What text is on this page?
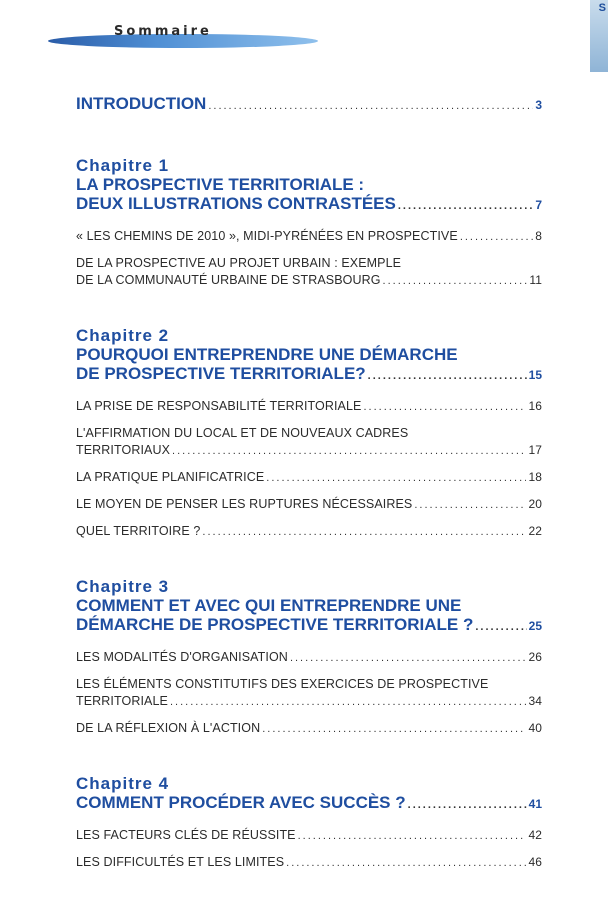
S
Sommaire
INTRODUCTION .....	3
Chapitre 1
LA PROSPECTIVE TERRITORIALE :
DEUX ILLUSTRATIONS CONTRASTÉES .....	7
« LES CHEMINS DE 2010 », MIDI-PYRÉNÉES EN PROSPECTIVE .....	8
DE LA PROSPECTIVE AU PROJET URBAIN : EXEMPLE
DE LA COMMUNAUTÉ URBAINE DE STRASBOURG .....	11
Chapitre 2
POURQUOI ENTREPRENDRE UNE DÉMARCHE
DE PROSPECTIVE TERRITORIALE? .....	15
LA PRISE DE RESPONSABILITÉ TERRITORIALE .....	16
L'AFFIRMATION DU LOCAL ET DE NOUVEAUX CADRES
TERRITORIAUX .....	17
LA PRATIQUE PLANIFICATRICE .....	18
LE MOYEN DE PENSER LES RUPTURES NÉCESSAIRES .....	20
QUEL TERRITOIRE ? .....	22
Chapitre 3
COMMENT ET AVEC QUI ENTREPRENDRE UNE
DÉMARCHE DE PROSPECTIVE TERRITORIALE ? .....	25
LES MODALITÉS D'ORGANISATION .....	26
LES ÉLÉMENTS CONSTITUTIFS DES EXERCICES DE PROSPECTIVE
TERRITORIALE .....	34
DE LA RÉFLEXION À L'ACTION .....	40
Chapitre 4
COMMENT PROCÉDER AVEC SUCCÈS ? .....	41
LES FACTEURS CLÉS DE RÉUSSITE .....	42
LES DIFFICULTÉS ET LES LIMITES .....	46
